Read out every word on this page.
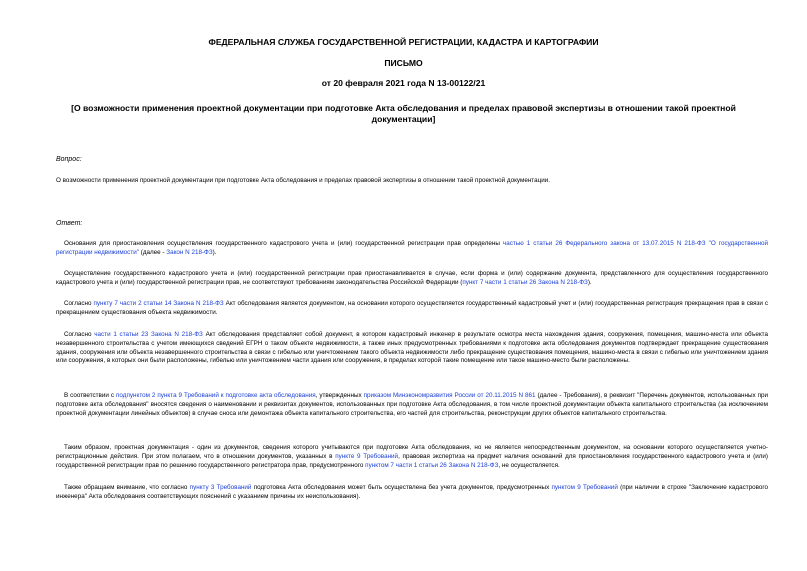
ФЕДЕРАЛЬНАЯ СЛУЖБА ГОСУДАРСТВЕННОЙ РЕГИСТРАЦИИ, КАДАСТРА И КАРТОГРАФИИ
ПИСЬМО
от 20 февраля 2021 года N 13-00122/21
[О возможности применения проектной документации при подготовке Акта обследования и пределах правовой экспертизы в отношении такой проектной документации]
Вопрос:
О возможности применения проектной документации при подготовке Акта обследования и пределах правовой экспертизы в отношении такой проектной документации.
Ответ:
Основания для приостановления осуществления государственного кадастрового учета и (или) государственной регистрации прав определены частью 1 статьи 26 Федерального закона от 13.07.2015 N 218-ФЗ "О государственной регистрации недвижимости" (далее - Закон N 218-ФЗ).
Осуществление государственного кадастрового учета и (или) государственной регистрации прав приостанавливается в случае, если форма и (или) содержание документа, представленного для осуществления государственного кадастрового учета и (или) государственной регистрации прав, не соответствуют требованиям законодательства Российской Федерации (пункт 7 части 1 статьи 26 Закона N 218-ФЗ).
Согласно пункту 7 части 2 статьи 14 Закона N 218-ФЗ Акт обследования является документом, на основании которого осуществляется государственный кадастровый учет и (или) государственная регистрация прекращения прав в связи с прекращением существования объекта недвижимости.
Согласно части 1 статьи 23 Закона N 218-ФЗ Акт обследования представляет собой документ, в котором кадастровый инженер в результате осмотра места нахождения здания, сооружения, помещения, машино-места или объекта незавершенного строительства с учетом имеющихся сведений ЕГРН о таком объекте недвижимости, а также иных предусмотренных требованиями к подготовке акта обследования документов подтверждает прекращение существования здания, сооружения или объекта незавершенного строительства в связи с гибелью или уничтожением такого объекта недвижимости либо прекращение существования помещения, машино-места в связи с гибелью или уничтожением здания или сооружения, в которых они были расположены, гибелью или уничтожением части здания или сооружения, в пределах которой такие помещение или такое машино-место были расположены.
В соответствии с подпунктом 2 пункта 9 Требований к подготовке акта обследования, утвержденных приказом Минэкономразвития России от 20.11.2015 N 861 (далее - Требования), в реквизит "Перечень документов, использованных при подготовке акта обследования" вносятся сведения о наименовании и реквизитах документов, использованных при подготовке Акта обследования, в том числе проектной документации объекта капитального строительства (за исключением проектной документации линейных объектов) в случае сноса или демонтажа объекта капитального строительства, его частей для строительства, реконструкции других объектов капитального строительства.
Таким образом, проектная документация - один из документов, сведения которого учитываются при подготовке Акта обследования, но не является непосредственным документом, на основании которого осуществляется учетно-регистрационные действия. При этом полагаем, что в отношении документов, указанных в пункте 9 Требований, правовая экспертиза на предмет наличия оснований для приостановления государственного кадастрового учета и (или) государственной регистрации прав по решению государственного регистратора прав, предусмотренного пунктом 7 части 1 статьи 26 Закона N 218-ФЗ, не осуществляется.
Также обращаем внимание, что согласно пункту 3 Требований подготовка Акта обследования может быть осуществлена без учета документов, предусмотренных пунктом 9 Требований (при наличии в строке "Заключение кадастрового инженера" Акта обследования соответствующих пояснений с указанием причины их неиспользования).
